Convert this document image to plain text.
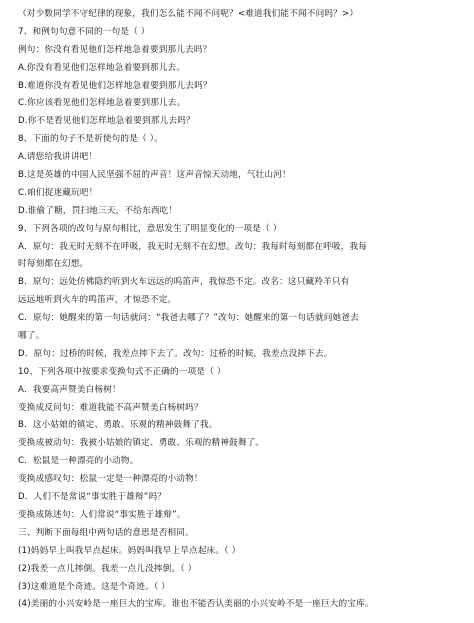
（对少数同学不守纪律的现象，我们怎么能不闻不问呢？<难道我们能不闻不问吗？>）
7、和例句句意不同的一句是（ ）
例句：你没有看见他们怎样地急着要到那儿去吗？
A.你没有看见他们怎样地急着要到那儿去。
B.难道你没有看见他们怎样地急着要到那儿去吗？
C.你应该看见他们怎样地急着要到那儿去。
D.你不是看见他们怎样地急着要到那儿去吗？
8、下面的句子不是祈使句的是（ ）。
A.请您给我讲讲吧！
B.这是英雄的中国人民坚强不屈的声音！这声音惊天动地，气壮山河！
C.咱们捉迷藏玩吧！
D.谁偷了糖，罚扫地三天，不给东西吃！
9、下列各项的改句与原句相比，意思发生了明显变化的一项是（ ）
A．原句：我无时无刻不在呼吸，我无时无刻不在幻想。改句：我每时每刻都在呼吸，我每
时每刻都在幻想。
B．原句：远处仿佛隐约听到火车远远的呜笛声，我惊恐不定。改名：这只藏羚羊只有
远远地听到火车的鸣笛声，才惊恐不定。
C．原句：她醒来的第一句话就问：“我爸去哪了？”改句：她醒来的第一句话就问她爸去
哪了。
D．原句：过桥的时候，我差点摔下去了。改句：过桥的时候，我差点没摔下去。
10、下列各项中按要求变换句式不正确的一项是（ ）
A．我要高声赞美白杨树！
变换成反问句：难道我能不高声赞美白杨树吗？
B．这小姑娘的镇定、勇敢、乐观的精神鼓舞了我。
变换成被动句：我被小姑娘的镇定、勇敢、乐观的精神鼓舞了。
C．松鼠是一种漂亮的小动物。
变换成感叹句：松鼠一定是一种漂亮的小动物！
D．人们不是常说“事实胜于雄辩”吗？
变换成陈述句：人们常说“事实胜于雄辩”。
三、判断下面每组中两句话的意思是否相同。
(1)妈妈早上叫我早点起床。妈妈叫我早上早点起床。（ ）
(2)我差一点儿摔倒。我差一点儿没摔倒。（ ）
(3)这难道是个奇迹。这是个奇迹。（ ）
(4)美丽的小兴安岭是一座巨大的宝库。谁也不能否认美丽的小兴安岭不是一座巨大的宝库。
